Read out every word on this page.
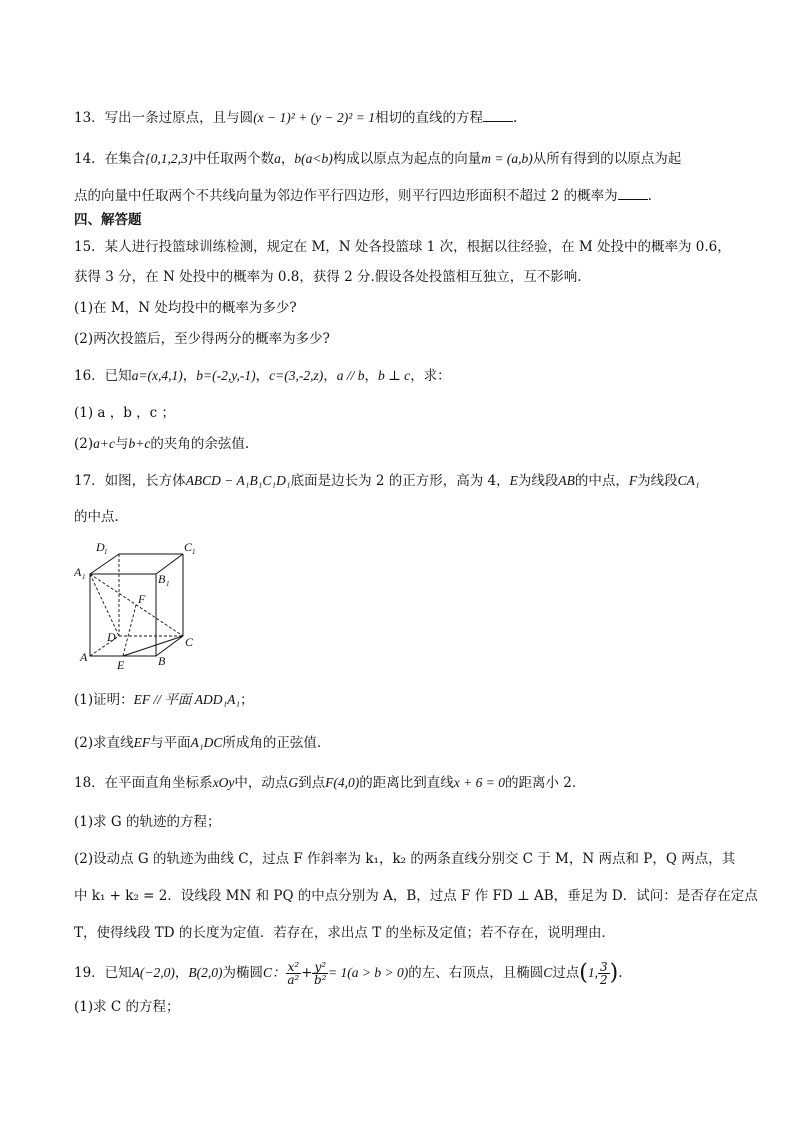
13．写出一条过原点，且与圆(x − 1)² + (y − 2)² = 1相切的直线的方程 .
14．在集合{0,1,2,3}中任取两个数a，b(a<b)构成以原点为起点的向量m = (a,b)从所有得到的以原点为起
点的向量中任取两个不共线向量为邻边作平行四边形，则平行四边形面积不超过 2 的概率为 .
四、解答题
15．某人进行投篮球训练检测，规定在 M，N 处各投篮球 1 次，根据以往经验，在 M 处投中的概率为 0.6，
获得 3 分，在 N 处投中的概率为 0.8，获得 2 分.假设各处投篮相互独立，互不影响.
(1)在 M，N 处均投中的概率为多少?
(2)两次投篮后，至少得两分的概率为多少?
16．已知a=(x,4,1)，b=(-2,y,-1)，c=(3,-2,z)，a // b，b ⊥ c，求：
(1) a ，b ，c ；
(2)a+c与b+c的夹角的余弦值.
17．如图，长方体ABCD − A₁B₁C₁D₁底面是边长为 2 的正方形，高为 4，E为线段AB的中点，F为线段CA₁
的中点.
D 1	C 1
A 1	B 1
F
D	C
A	B
E
(1)证明：EF // 平面 ADD₁A₁；
(2)求直线EF与平面A₁DC所成角的正弦值.
18．在平面直角坐标系xOy中，动点G到点F(4,0)的距离比到直线x + 6 = 0的距离小 2．
(1)求 G 的轨迹的方程；
(2)设动点 G 的轨迹为曲线 C，过点 F 作斜率为 k₁，k₂ 的两条直线分别交 C 于 M，N 两点和 P，Q 两点，其
中 k₁ + k₂ = 2．设线段 MN 和 PQ 的中点分别为 A，B，过点 F 作 FD ⊥ AB，垂足为 D．试问：是否存在定点
T，使得线段 TD 的长度为定值．若存在，求出点 T 的坐标及定值；若不存在，说明理由．
19．已知A(−2,0)，B(2,0)为椭圆C： $\frac{\text{x²}}{\text{a²}} + \frac{\text{y²}}{\text{b²}} = 1(a > b > 0)$的左、右顶点，且椭圆C过点(1, $\frac{3}{2}$ ).
(1)求 C 的方程；
